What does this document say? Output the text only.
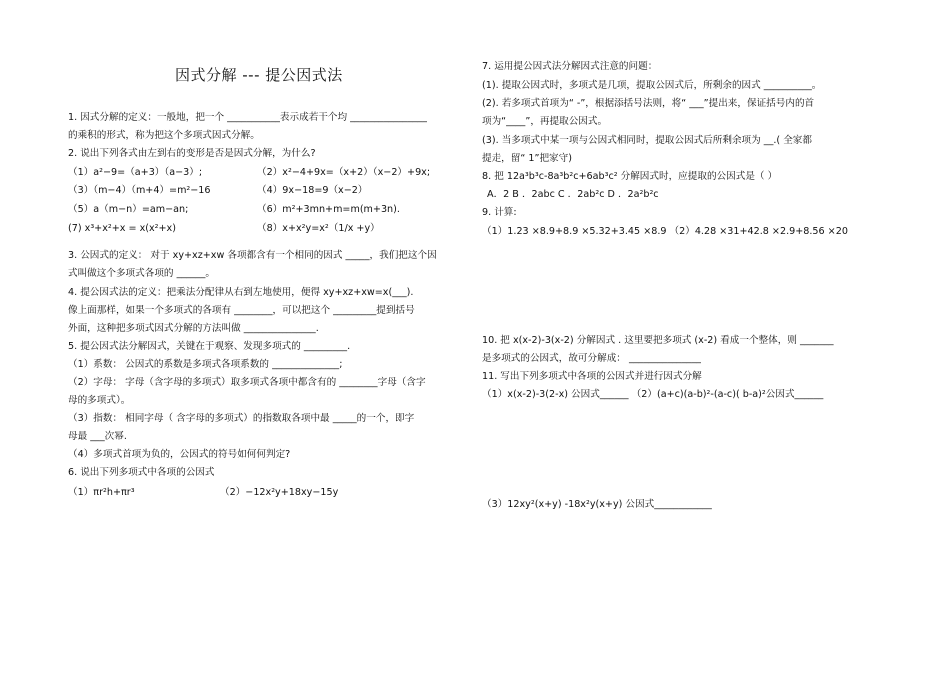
因式分解 --- 提公因式法
1. 因式分解的定义：一般地，把一个 ___________表示成若干个均 ________________
的乘积的形式，称为把这个多项式因式分解。
2. 说出下列各式由左到右的变形是否是因式分解，为什么?
（1）a²−9=（a+3）（a−3）;	（2）x²−4+9x=（x+2）（x−2）+9x;
（3）（m−4）（m+4）=m²−16	（4）9x−18=9（x−2）
（5）a（m−n）=am−an;	（6）m²+3mn+m=m(m+3n).
(7) x³+x²+x = x(x²+x)	（8）x+x²y=x²（1/x +y）
3. 公因式的定义： 对于 xy+xz+xw 各项都含有一个相同的因式 _____，我们把这个因
式叫做这个多项式各项的 ______。
4. 提公因式法的定义：把乘法分配律从右到左地使用，便得 xy+xz+xw=x(___).
像上面那样，如果一个多项式的各项有 ________，可以把这个 _________提到括号
外面，这种把多项式因式分解的方法叫做 _______________.
5. 提公因式法分解因式，关键在于观察、发现多项式的 _________.
（1）系数： 公因式的系数是多项式各项系数的 ______________;
（2）字母： 字母（含字母的多项式）取多项式各项中都含有的 ________字母（含字
母的多项式）。
（3）指数： 相同字母（ 含字母的多项式）的指数取各项中最 _____的一个，即字
母最 ___次幂.
（4）多项式首项为负的，公因式的符号如何何判定?
6. 说出下列多项式中各项的公因式
（1）πr²h+πr³	（2）−12x²y+18xy−15y
7. 运用提公因式法分解因式注意的问题：
(1). 提取公因式时，多项式是几项，提取公因式后，所剩余的因式 __________。
(2). 若多项式首项为“ -”，根据添括号法则，将“ ___”提出来，保证括号内的首
项为“____”，再提取公因式。
(3). 当多项式中某一项与公因式相同时，提取公因式后所剩余项为 __.( 全家都
提走，留“ 1”把家守)
8. 把 12a³b³c-8a³b²c+6ab³c² 分解因式时，应提取的公因式是（ ）
A．2 B ．2abc C ．2ab²c D ．2a²b²c
9. 计算:
（1）1.23 ×8.9+8.9 ×5.32+3.45 ×8.9 （2）4.28 ×31+42.8 ×2.9+8.56 ×20
10. 把 x(x-2)-3(x-2) 分解因式 . 这里要把多项式 (x-2) 看成一个整体，则 _______
是多项式的公因式，故可分解成： _______________
11. 写出下列多项式中各项的公因式并进行因式分解
（1）x(x-2)-3(2-x) 公因式______ （2）(a+c)(a-b)²-(a-c)( b-a)²公因式______
（3）12xy²(x+y) -18x²y(x+y) 公因式____________
